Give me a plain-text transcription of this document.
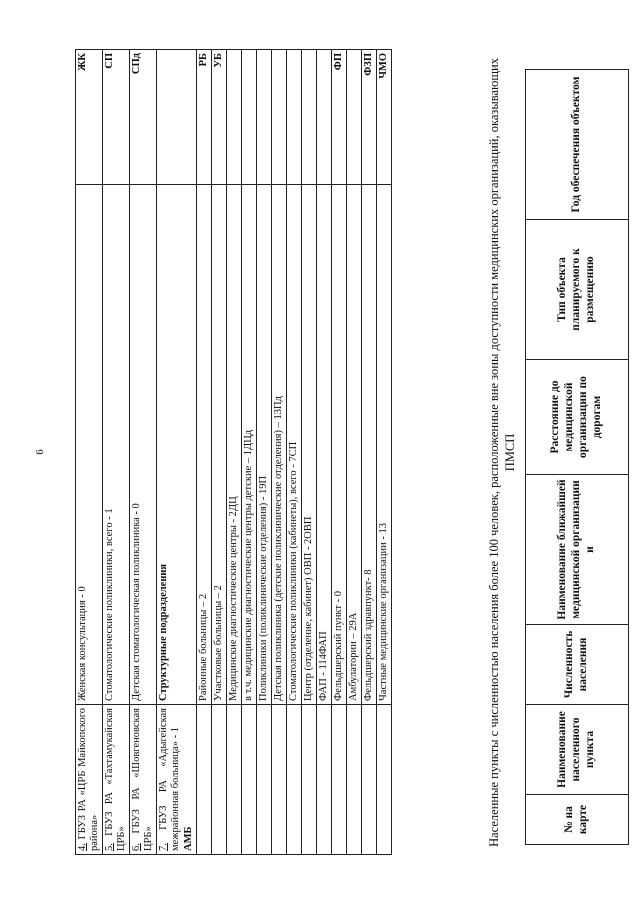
6
4. ГБУЗ РА «ЦРБ Майкопского района»	Женская консультация - 0	ЖК
5. ГБУЗ РА «Тахтамукайская ЦРБ»	Стоматологические поликлиники, всего - 1	СП
6. ГБУЗ РА «Шовгеновская ЦРБ»	Детская стоматологическая поликлиника - 0	СПд
7. ГБУЗ РА «Адыгейская межрайонная больница» - 1
АМБ	Структурные подразделения	
	Районные больницы – 2	РБ
	Участковые больницы – 2	УБ
	Медицинские диагностические центры - 2ДЦ	
	в т.ч. медицинские диагностические центры детские – 1ДЦд	
	Поликлиники (поликлинические отделения) - 19П	
	Детская поликлиника (детские поликлинические отделения) – 13Пд	
	Стоматологические поликлиники (кабинеты), всего - 7СП	
	Центр (отделение, кабинет) ОВП - 2ОВП	
	ФАП - 114ФАП	
	Фельдшерский пункт - 0	ФП
	Амбулатории – 29А	
	Фельдшерский здравпункт- 8	ФЗП
	Частные медицинские организации - 13	ЧМО	Населенные пункты с численностью населения более 100 человек, расположенные вне зоны доступности медицинских организаций, оказывающих ПМСП
№ на карте	Наименование населенного пункта	Численность населения	Наименование ближайшей медицинской организации и	Расстояние до медицинской организации по дорогам	Тип объекта планируемого к размещению	Год обеспечения объектом
